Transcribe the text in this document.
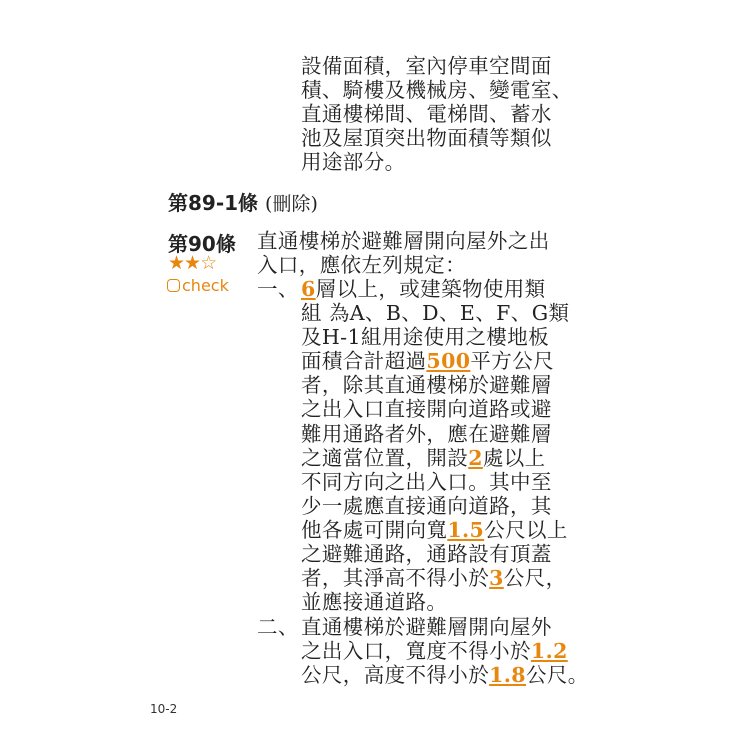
設備面積，室內停車空間面
積、騎樓及機械房、變電室、
直通樓梯間、電梯間、蓄水
池及屋頂突出物面積等類似
用途部分。
第89-1條 (刪除)
第90條
★★☆
check
直通樓梯於避難層開向屋外之出
入口，應依左列規定：
一、 6層以上，或建築物使用類
組 為A、B、D、E、F、G類
及H-1組用途使用之樓地板
面積合計超過500平方公尺
者，除其直通樓梯於避難層
之出入口直接開向道路或避
難用通路者外，應在避難層
之適當位置，開設2處以上
不同方向之出入口。其中至
少一處應直接通向道路，其
他各處可開向寬1.5公尺以上
之避難通路，通路設有頂蓋
者，其淨高不得小於3公尺，
並應接通道路。
二、 直通樓梯於避難層開向屋外
之出入口，寬度不得小於1.2
公尺，高度不得小於1.8公尺。
10-2
